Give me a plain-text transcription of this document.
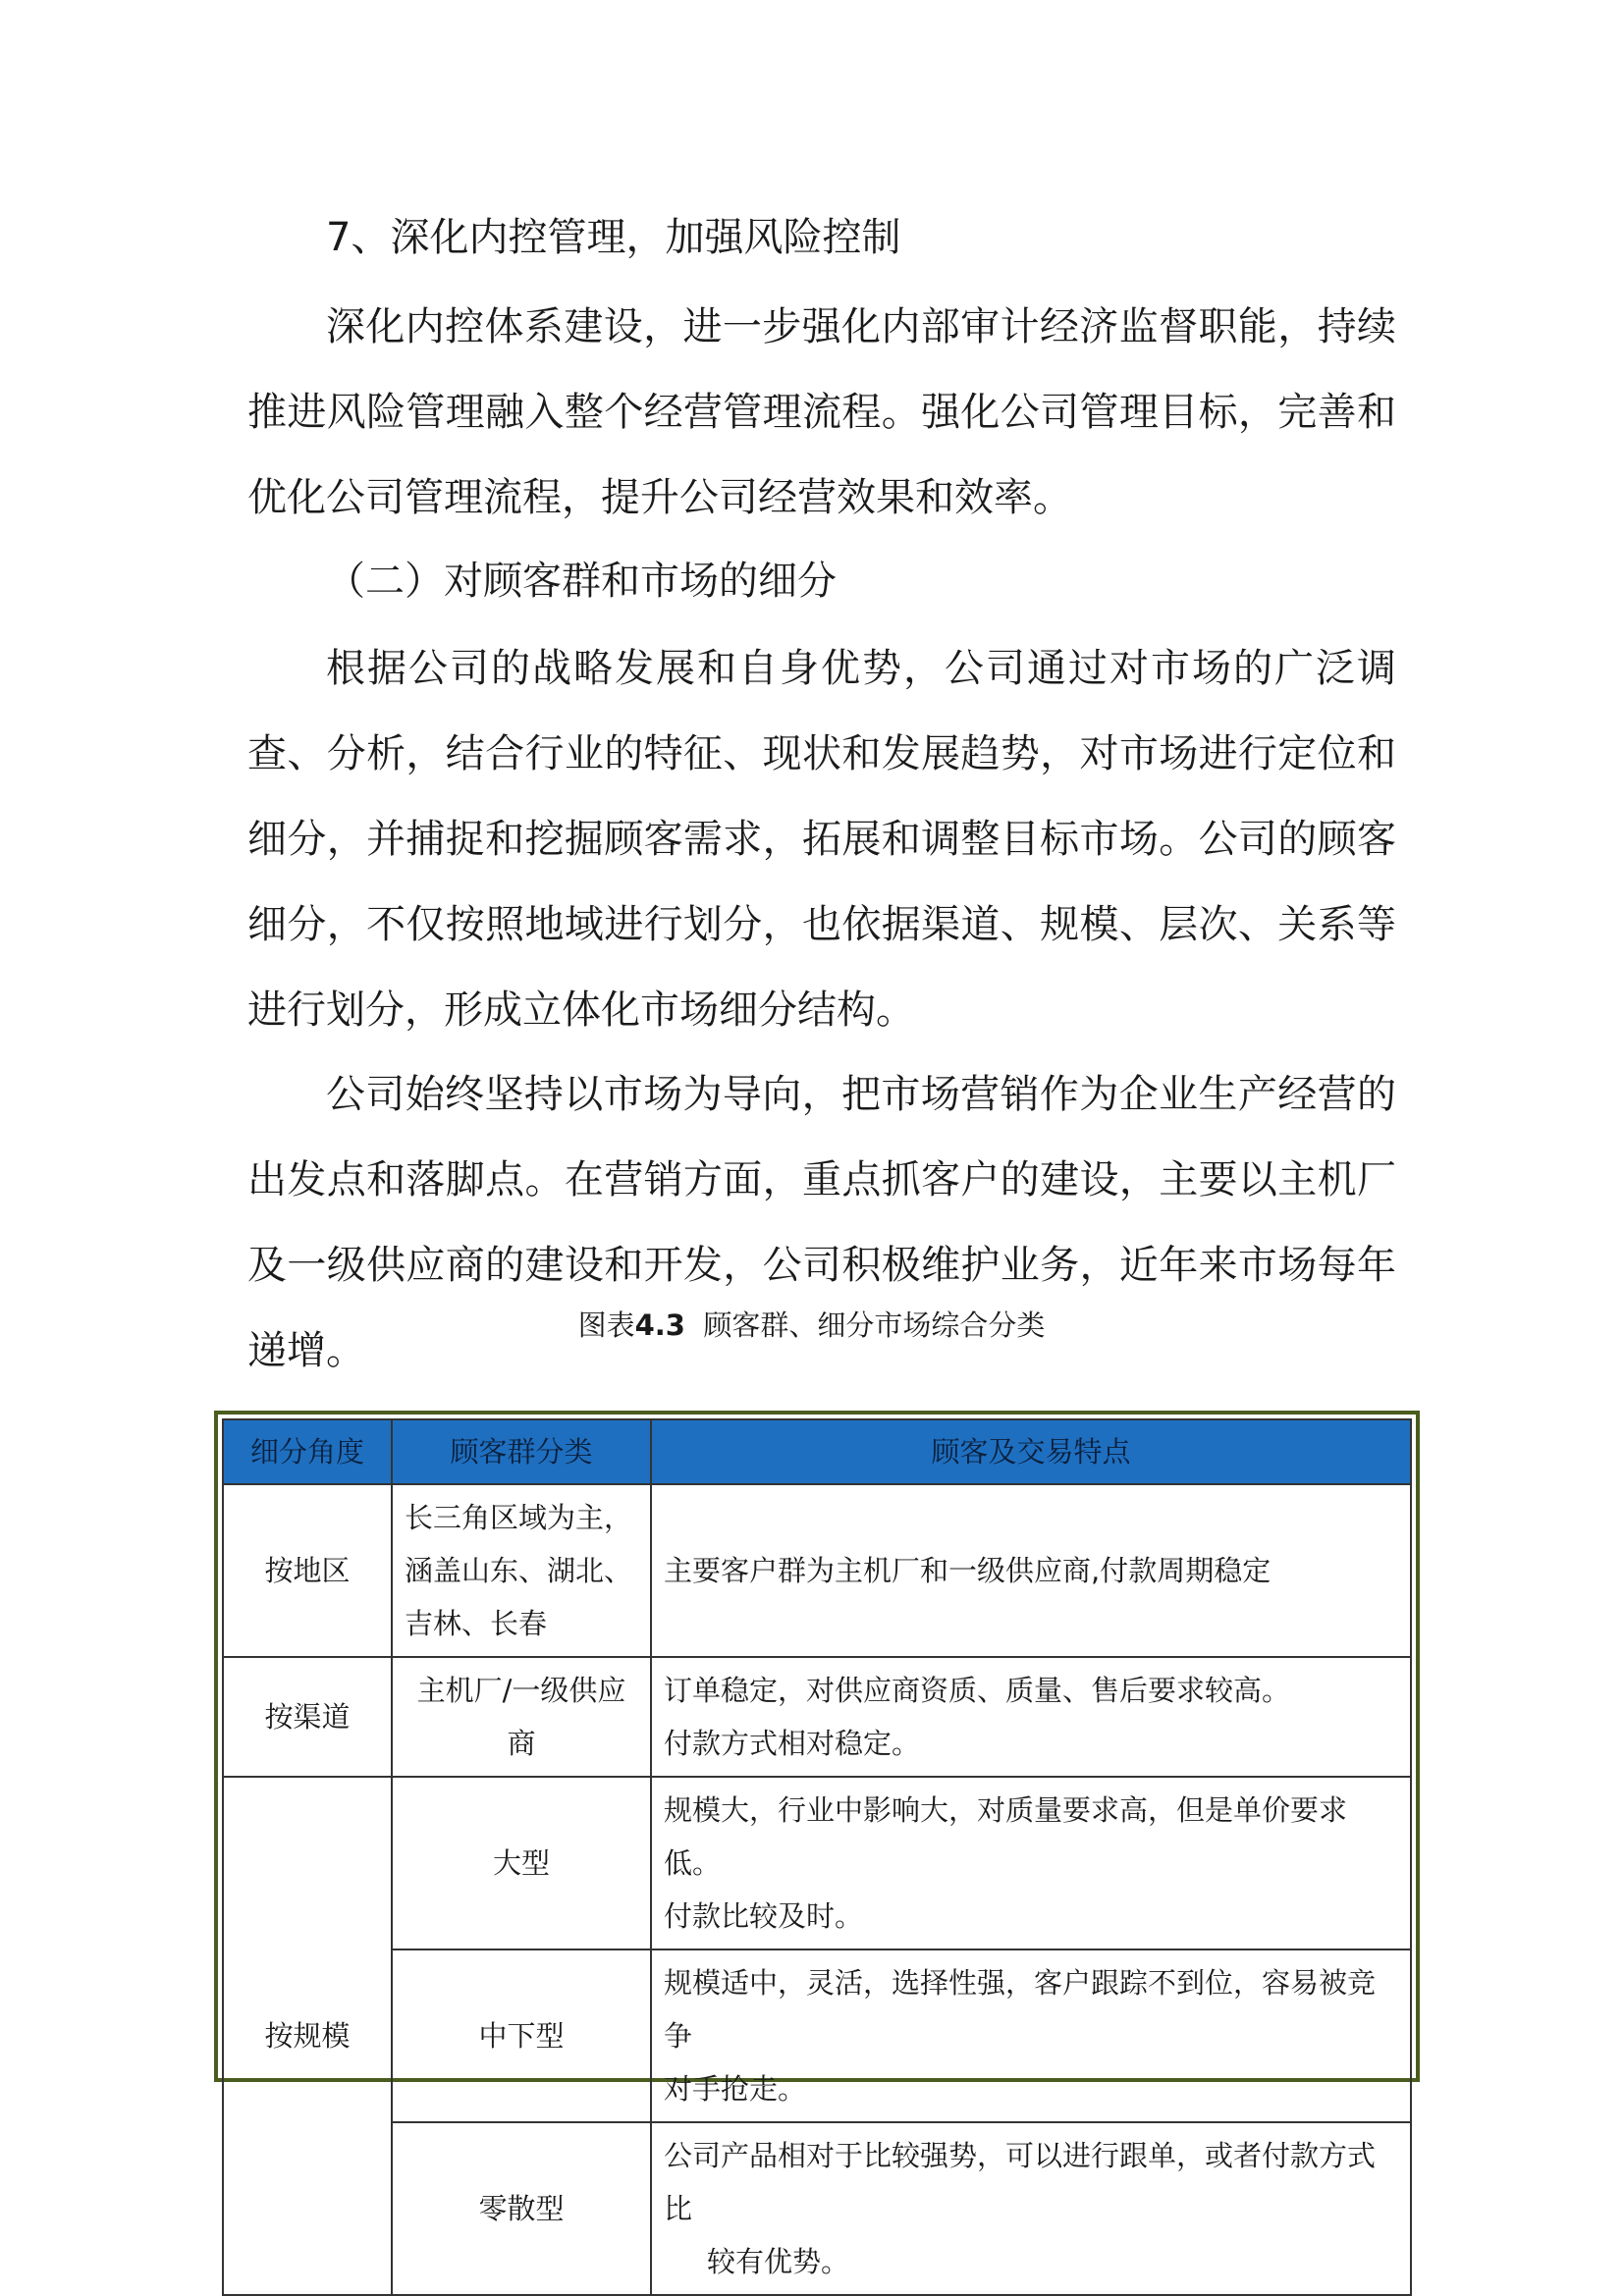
7、深化内控管理，加强风险控制

深化内控体系建设，进一步强化内部审计经济监督职能，持续推进风险管理融入整个经营管理流程。强化公司管理目标，完善和优化公司管理流程，提升公司经营效果和效率。

（二）对顾客群和市场的细分

根据公司的战略发展和自身优势，公司通过对市场的广泛调查、分析，结合行业的特征、现状和发展趋势，对市场进行定位和细分，并捕捉和挖掘顾客需求，拓展和调整目标市场。公司的顾客细分，不仅按照地域进行划分，也依据渠道、规模、层次、关系等进行划分，形成立体化市场细分结构。

公司始终坚持以市场为导向，把市场营销作为企业生产经营的出发点和落脚点。在营销方面，重点抓客户的建设，主要以主机厂及一级供应商的建设和开发，公司积极维护业务，近年来市场每年递增。

图表4.3 顾客群、细分市场综合分类
细分角度	顾客群分类	顾客及交易特点
按地区	长三角区域为主，
涵盖山东、湖北、
吉林、长春	主要客户群为主机厂和一级供应商,付款周期稳定
按渠道	主机厂/一级供应
商	订单稳定，对供应商资质、质量、售后要求较高。
付款方式相对稳定。

按规模	大型	规模大，行业中影响大，对质量要求高，但是单价要求低。
付款比较及时。

	中下型	规模适中，灵活，选择性强，客户跟踪不到位，容易被竞争
对手抢走。

	零散型	公司产品相对于比较强势，可以进行跟单，或者付款方式比
较有优势。
